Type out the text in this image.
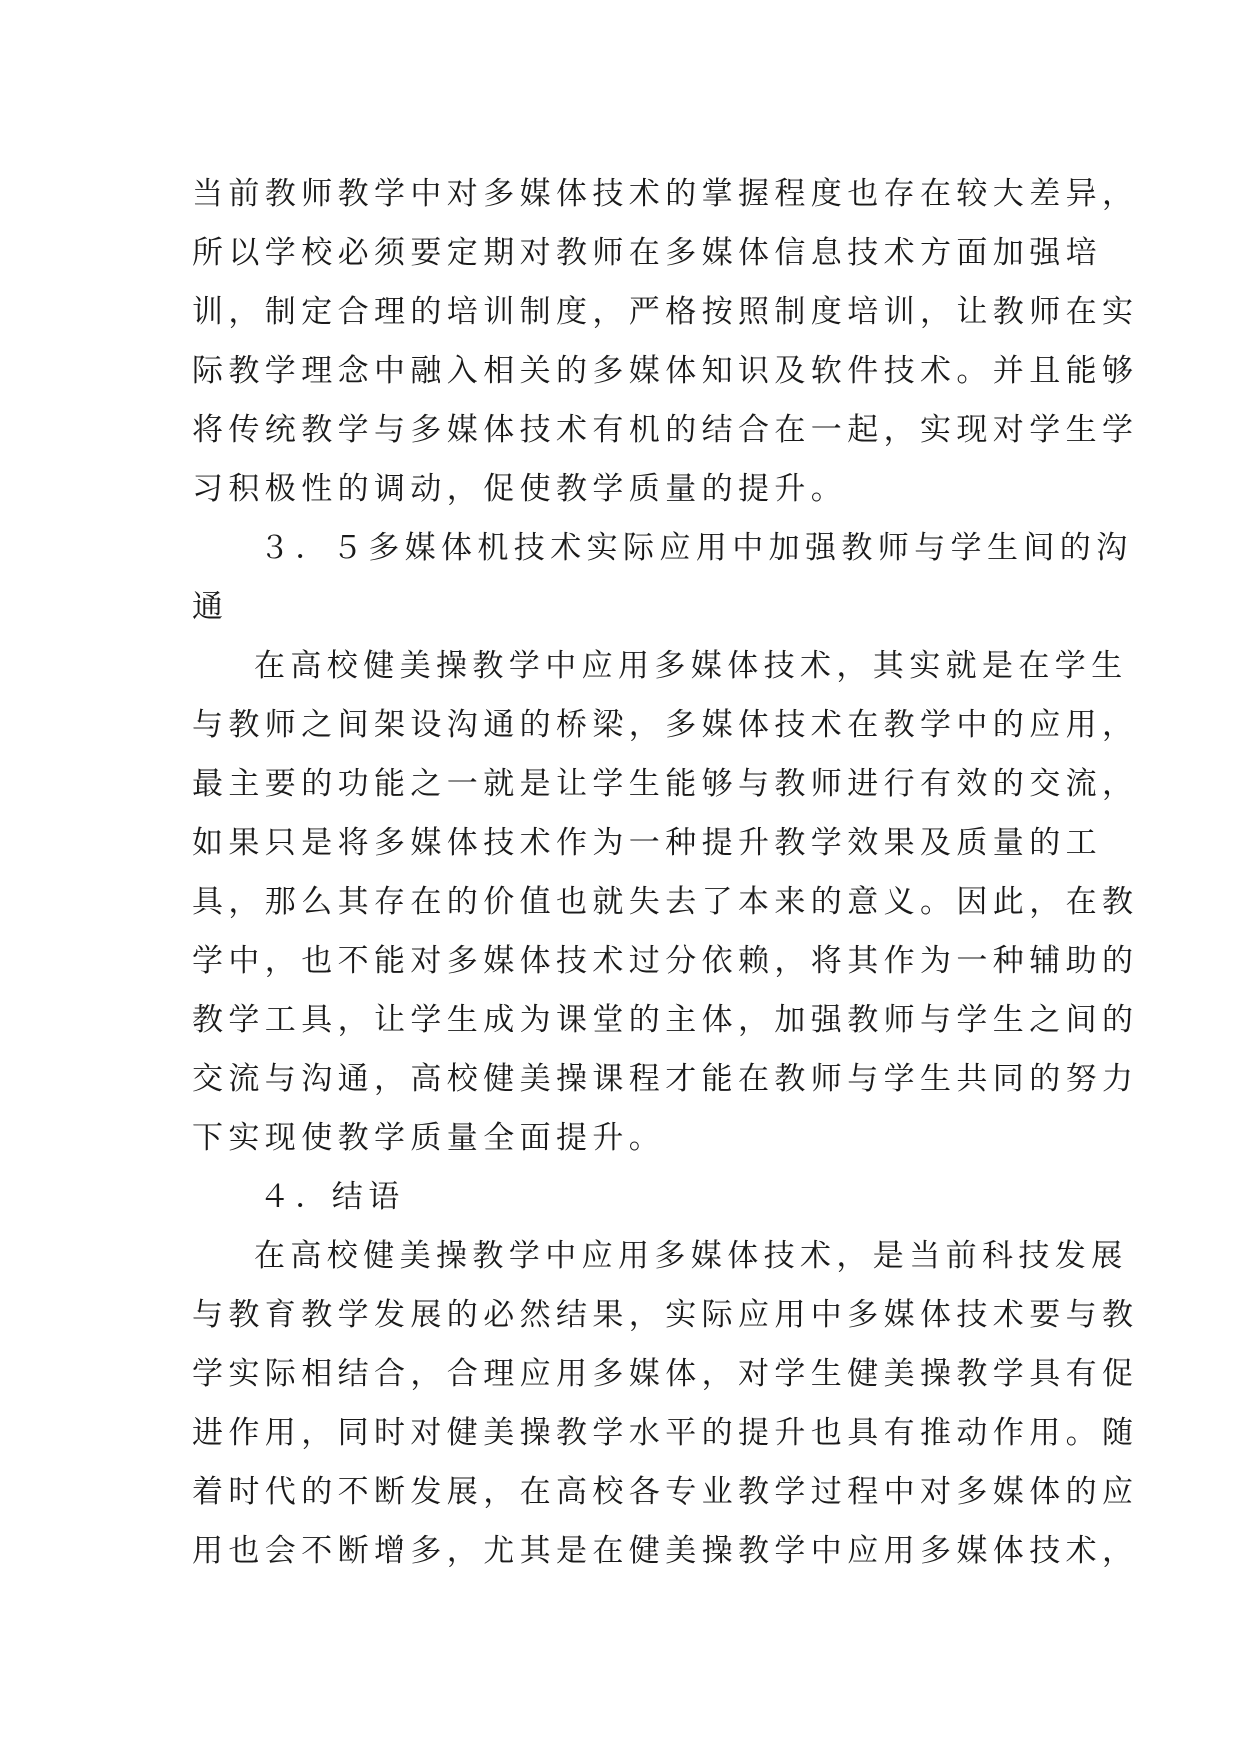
当前教师教学中对多媒体技术的掌握程度也存在较大差异，
所以学校必须要定期对教师在多媒体信息技术方面加强培
训，制定合理的培训制度，严格按照制度培训，让教师在实
际教学理念中融入相关的多媒体知识及软件技术。并且能够
将传统教学与多媒体技术有机的结合在一起，实现对学生学
习积极性的调动，促使教学质量的提升。
３．５多媒体机技术实际应用中加强教师与学生间的沟
通
在高校健美操教学中应用多媒体技术，其实就是在学生
与教师之间架设沟通的桥梁，多媒体技术在教学中的应用，
最主要的功能之一就是让学生能够与教师进行有效的交流，
如果只是将多媒体技术作为一种提升教学效果及质量的工
具，那么其存在的价值也就失去了本来的意义。因此，在教
学中，也不能对多媒体技术过分依赖，将其作为一种辅助的
教学工具，让学生成为课堂的主体，加强教师与学生之间的
交流与沟通，高校健美操课程才能在教师与学生共同的努力
下实现使教学质量全面提升。
４．结语
在高校健美操教学中应用多媒体技术，是当前科技发展
与教育教学发展的必然结果，实际应用中多媒体技术要与教
学实际相结合，合理应用多媒体，对学生健美操教学具有促
进作用，同时对健美操教学水平的提升也具有推动作用。随
着时代的不断发展，在高校各专业教学过程中对多媒体的应
用也会不断增多，尤其是在健美操教学中应用多媒体技术，
